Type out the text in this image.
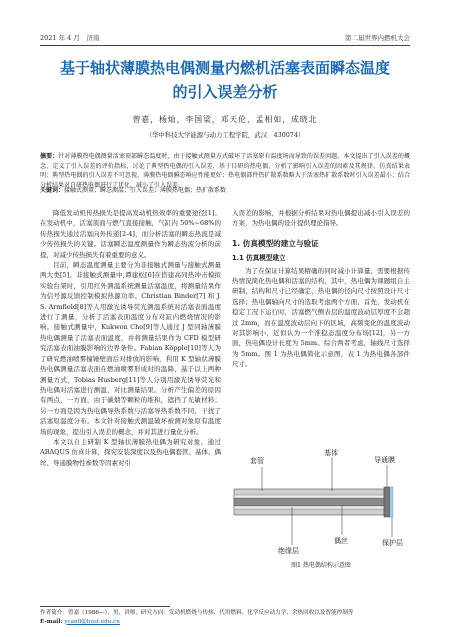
2021 年 4 月　济南	第二届世界内燃机大会
基于轴状薄膜热电偶测量内燃机活塞表面瞬态温度
的引入误差分析
曾嘉，杨灿，李国梁，邓天伦，孟相如，成晓北
（华中科技大学能源与动力工程学院，武汉　430074）
摘要：针对薄膜热电偶测量活塞顶部瞬态温度时，由于接触式测量方式破坏了活塞原有温度场而导致的误差问题。本文提出了引入误差的概念，定义了引入误差的评价指标，讨论了典型热电偶的引入误差，基于目研的热电偶，分析了影响引入误差的因素及其规律。仿真结果表明：典型热电偶的引入误差不可忽视，薄膜热电偶瞬态响应性能更好；热电偶部件热扩散系数略大于活塞热扩散系数时引入误差最小；结合分析结果对自研热电偶进行了优化，减小了引入误差。
关键词：接触式测量；瞬态测温；引入误差；薄膜热电偶；热扩散系数

降低发动机传热损失是提高发动机热效率的重要途径[1]。在发动机中，活塞顶面与燃气直接接触，气缸内 50%~68%的传热损失通过活塞向外传递[2-4]，而分析活塞的瞬态热流是减少传热损失的关键。活塞瞬态温度测量作为瞬态热流分析的前提，对减少传热损失有着重要的意义。

目前，瞬态温度测量主要分为非接触式测量与接触式测量两大类[5]。非接触式测量中,谭建松[6]在搭建高同热冲击模拟实验台架时，引用红外测温系统测量活塞温度，将测量结果作为信号源反馈控制模拟热源功率。Christian Binder[7] 和 J. S. Armfield[8]等人用激光诱导荧光测温系统对活塞表面温度进行了测量，分析了活塞表面温度分布对缸内燃烧情况的影响。接触式测量中，Kukwon Cho[9]等人通过 J 型同轴薄膜热电偶测量了活塞表面温度，并将测量结果作为 CFD 模型研究活塞表面油膜影响的边界条件。Fabian Köpple[10]等人为了研究燃油喷雾撞锤壁面后对排放的影响，利用 K 型轴状薄膜热电偶测量活塞表面在燃油喷雾形成时的温降，基于以上两种测量方式，Tobias Husberg[11]等人分别用激光诱导荧光和热电偶对活塞进行测温，对比测量结果。分析产生偏差的原因有两点，一方面，由于碳烟等颗粒的堆积，遮挡了光敏材料；另一方面是因为热电偶导热系数与活塞导热系数不同，干扰了活塞原温度分布。本文针对接触式测温破坏被测对象原有温度场的现象，提出引入误差的概念，并对其进行量化分析。

本文以自主研制 K 型轴状薄膜热电偶为研究对象，通过 ABAQUS 仿真计算，探究安装深度以及热电偶套管、基体、偶丝、导通膜物性参数等因素对引

入误差的影响，并根据分析结果对热电偶提出减小引入误差的方案，为热电偶的设计提供理论指导。

1. 仿真模型的建立与验证
1.1 仿真模型建立

为了在保证计算结果精确的同时减小计算量，需要根据传热情况简化热电偶和活塞的结构，其中，热电偶为课题组自主研制，结构和尺寸已经确定，热电偶的径向尺寸按照设计尺寸选择；热电偶轴向尺寸的选取考虑两个方面，首先，发动机在稳定工况下运行时，活塞燃气侧表层的温度波动层厚度不会超过 2mm，而在温度波动层向下的区域，高频变化的温度波动对其影响小，近似认为一个准稳态温度分布场[12]，另一方面，热电偶设计长度为 5mm。综合两者考虑，轴线尺寸选择为 5mm。图 1 为热电偶简化示意图，表 1 为热电偶各部件尺寸。

套管
基体
导通膜
偶丝
绝缘层
保护层
图1 热电偶结构示意图
作者简介：曾嘉（1986—），男，讲师，研究方向：发动机燃烧与传热、代用燃料、化学反应动力学、余热回收以及智能控制等
E-mail: ycanll@hust.edu.cn
